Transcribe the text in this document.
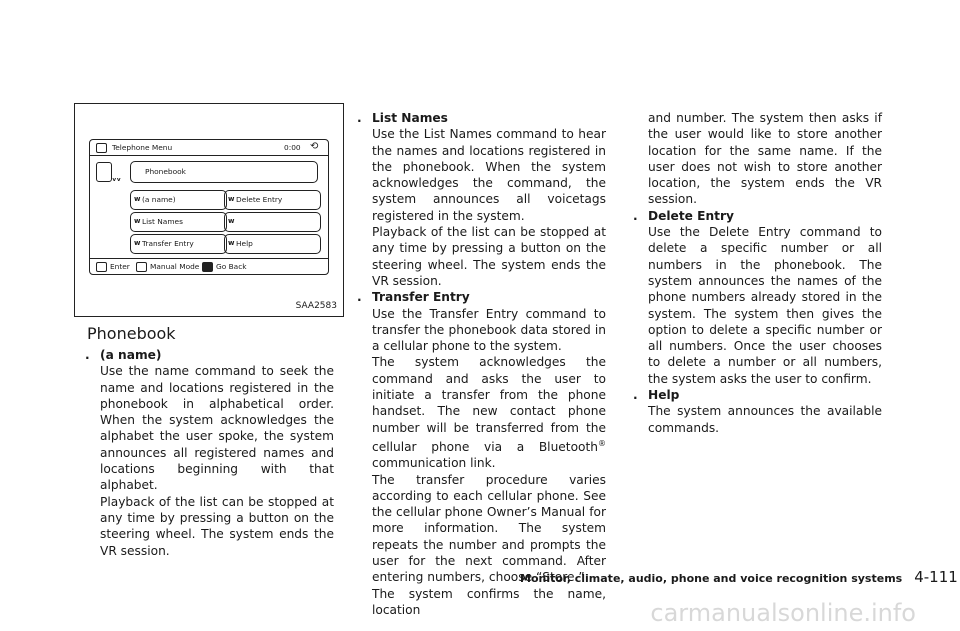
Telephone Menu	0:00 ⟲
ᵥᵥ
Phonebook
ᴡ (a name)	ᴡ Delete Entry
ᴡ List Names	ᴡ
ᴡ Transfer Entry	ᴡ Help
Enter	Manual Mode Go Back
SAA2583
Phonebook
. (a name)

Use the name command to seek the name and locations registered in the phonebook in alphabetical order. When the system acknowledges the alphabet the user spoke, the system announces all registered names and locations beginning with that alphabet.

Playback of the list can be stopped at any time by pressing a button on the steering wheel. The system ends the VR session.

. List Names

Use the List Names command to hear the names and locations registered in the phonebook. When the system acknowledges the command, the system announces all voicetags registered in the system.

Playback of the list can be stopped at any time by pressing a button on the steering wheel. The system ends the VR session.

. Transfer Entry

Use the Transfer Entry command to transfer the phonebook data stored in a cellular phone to the system.

The system acknowledges the command and asks the user to initiate a transfer from the phone handset. The new contact phone number will be transferred from the cellular phone via a Bluetooth® communication link.

The transfer procedure varies according to each cellular phone. See the cellular phone Owner’s Manual for more information. The system repeats the number and prompts the user for the next command. After entering numbers, choose “Store.”

The system confirms the name, location

and number. The system then asks if the user would like to store another location for the same name. If the user does not wish to store another location, the system ends the VR session.

. Delete Entry

Use the Delete Entry command to delete a specific number or all numbers in the phonebook. The system announces the names of the phone numbers already stored in the system. The system then gives the option to delete a specific number or all numbers. Once the user chooses to delete a number or all numbers, the system asks the user to confirm.

. Help

The system announces the available commands.

Monitor, climate, audio, phone and voice recognition systems 4-111
carmanualsonline.info
